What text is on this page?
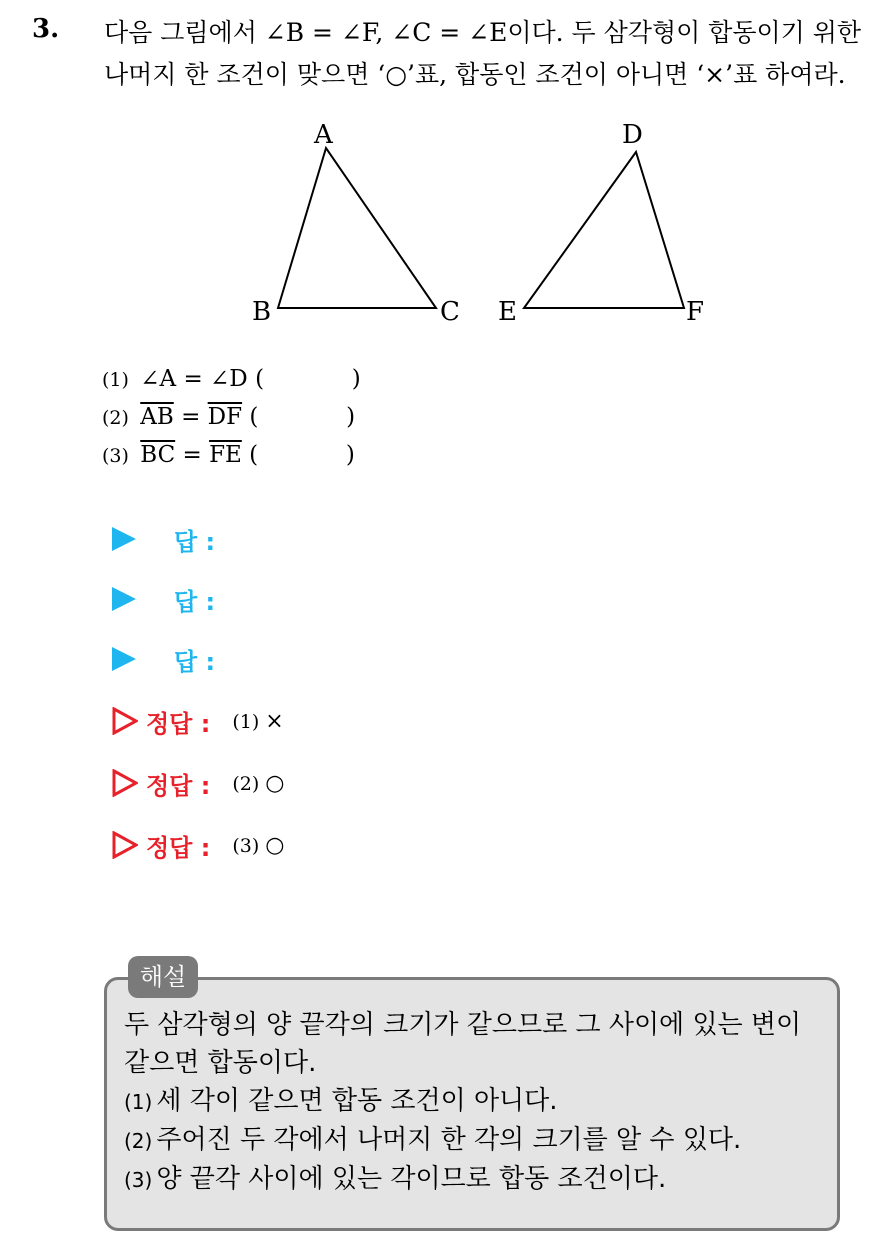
3. 다음 그림에서 ∠B = ∠F, ∠C = ∠E이다. 두 삼각형이 합동이기 위한
나머지 한 조건이 맞으면 ‘○’표, 합동인 조건이 아니면 ‘×’표 하여라.
A
B	C
D
E	F
(1) ∠A = ∠D (            )
(2) $\overline{AB} = \overline{DF}$ (            )
(3) $\overline{BC} = \overline{FE}$ (            )
답 :
답 :
답 :
정답 : (1) ×
정답 : (2) ○
정답 : (3) ○
해설
두 삼각형의 양 끝각의 크기가 같으므로 그 사이에 있는 변이
같으면 합동이다.
(1) 세 각이 같으면 합동 조건이 아니다.
(2) 주어진 두 각에서 나머지 한 각의 크기를 알 수 있다.
(3) 양 끝각 사이에 있는 각이므로 합동 조건이다.
